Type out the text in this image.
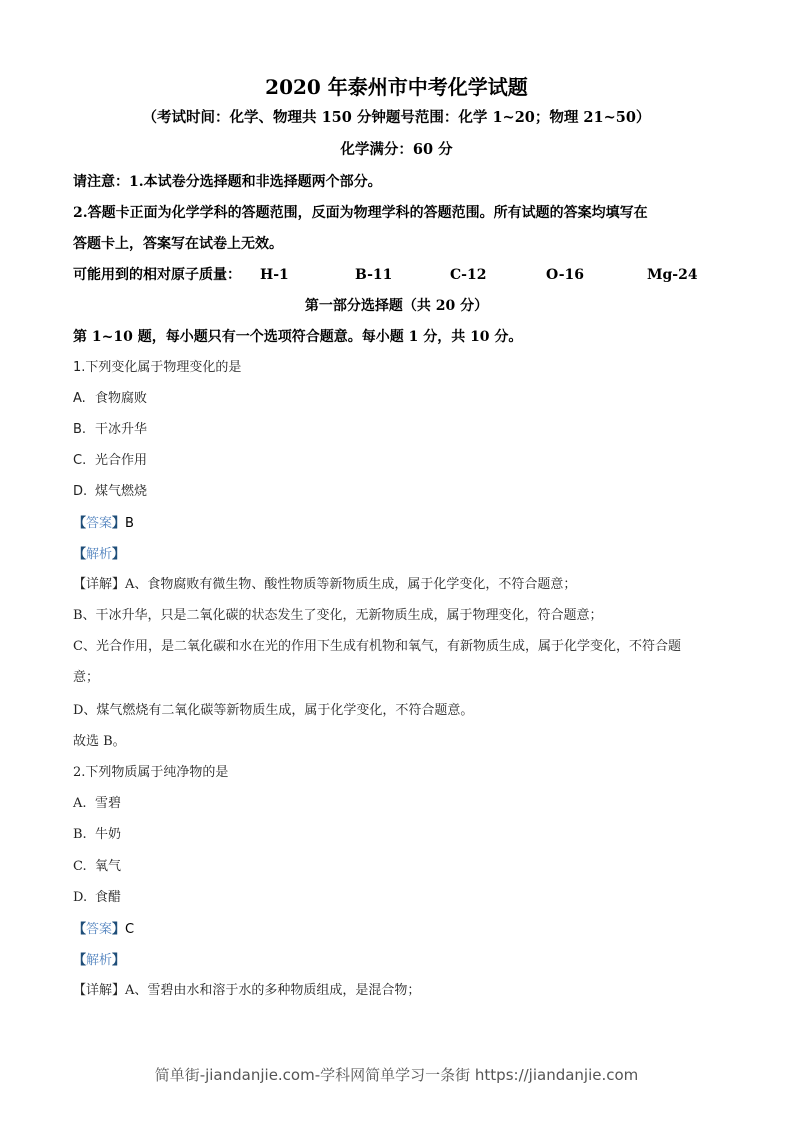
2020 年泰州市中考化学试题
（考试时间：化学、物理共 150 分钟题号范围：化学 1~20；物理 21~50）
化学满分：60 分
请注意：1.本试卷分选择题和非选择题两个部分。
2.答题卡正面为化学学科的答题范围，反面为物理学科的答题范围。所有试题的答案均填写在
答题卡上，答案写在试卷上无效。
可能用到的相对原子质量： H-1	B-11	C-12	O-16	Mg-24
第一部分选择题（共 20 分）
第 1~10 题，每小题只有一个选项符合题意。每小题 1 分，共 10 分。
1.下列变化属于物理变化的是
A. 食物腐败
B. 干冰升华
C. 光合作用
D. 煤气燃烧
【答案】B
【解析】
【详解】A、食物腐败有微生物、酸性物质等新物质生成，属于化学变化，不符合题意；
B、干冰升华，只是二氧化碳的状态发生了变化，无新物质生成，属于物理变化，符合题意；
C、光合作用，是二氧化碳和水在光的作用下生成有机物和氧气，有新物质生成，属于化学变化，不符合题
意；
D、煤气燃烧有二氧化碳等新物质生成，属于化学变化，不符合题意。
故选 B。
2.下列物质属于纯净物的是
A. 雪碧
B. 牛奶
C. 氧气
D. 食醋
【答案】C
【解析】
【详解】A、雪碧由水和溶于水的多种物质组成，是混合物；
简单街-jiandanjie.com-学科网简单学习一条街 https://jiandanjie.com
